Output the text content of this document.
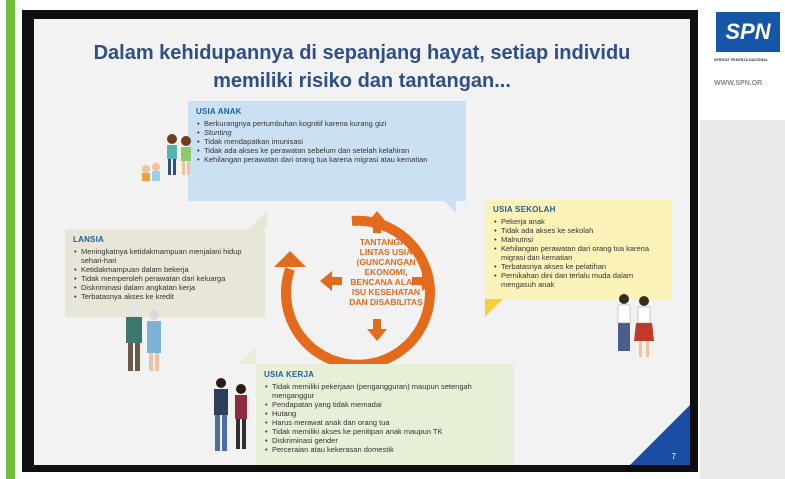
Dalam kehidupannya di sepanjang hayat, setiap individu
memiliki risiko dan tantangan...
TANTANGAN
LINTAS USIA
(GUNCANGAN
EKONOMI,
BENCANA ALAM,
ISU KESEHATAN
DAN DISABILITAS
USIA ANAK
• Berkurangnya pertumbuhan kognitif karena kurang gizi
• Stunting
• Tidak mendapatkan imunisasi
• Tidak ada akses ke perawatan sebelum dan setelah kelahiran
• Kehilangan perawatan dari orang tua karena migrasi atau kematian
LANSIA
• Meningkatnya ketidakmampuan menjalani hidup sehari-hari
• Ketidakmampuan dalam bekerja
• Tidak memperoleh perawatan dari keluarga
• Diskriminasi dalam angkatan kerja
• Terbatasnya akses ke kredit
USIA SEKOLAH
• Pekerja anak
• Tidak ada akses ke sekolah
• Malnutrisi
• Kehilangan perawatan dari orang tua karena migrasi dan kematian
• Terbatasnya akses ke pelatihan
• Pernikahan dini dan terlalu muda dalam mengasuh anak
USIA KERJA
• Tidak memiliki pekerjaan (pengangguran) maupun setengah menganggur
• Pendapatan yang tidak memadai
• Hutang
• Harus merawat anak dan orang tua
• Tidak memiliki akses ke penitipan anak maupun TK
• Diskriminasi gender
• Perceraian atau kekerasan domestik
7
SPN
SERIKAT PEKERJA NASIONAL
WWW.SPN.OR
